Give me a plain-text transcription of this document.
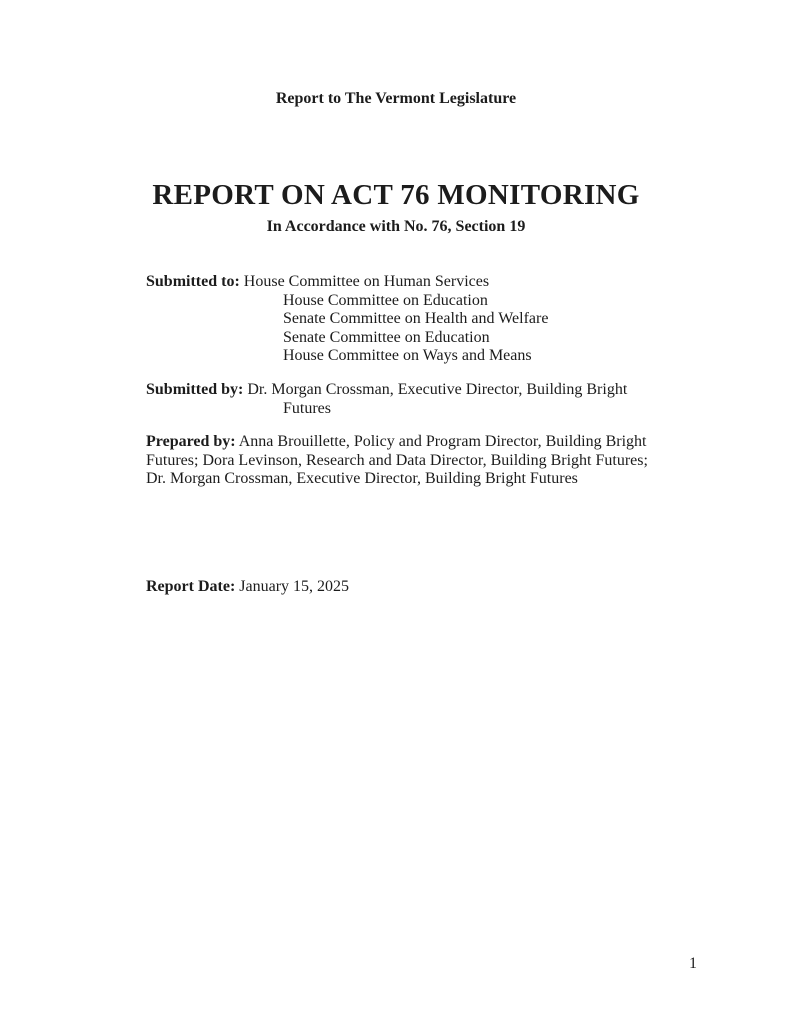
Report to The Vermont Legislature
REPORT ON ACT 76 MONITORING
In Accordance with No. 76, Section 19
Submitted to: House Committee on Human Services
House Committee on Education
Senate Committee on Health and Welfare
Senate Committee on Education
House Committee on Ways and Means
Submitted by: Dr. Morgan Crossman, Executive Director, Building Bright
Futures
Prepared by: Anna Brouillette, Policy and Program Director, Building Bright
Futures; Dora Levinson, Research and Data Director, Building Bright Futures;
Dr. Morgan Crossman, Executive Director, Building Bright Futures
Report Date: January 15, 2025
1
